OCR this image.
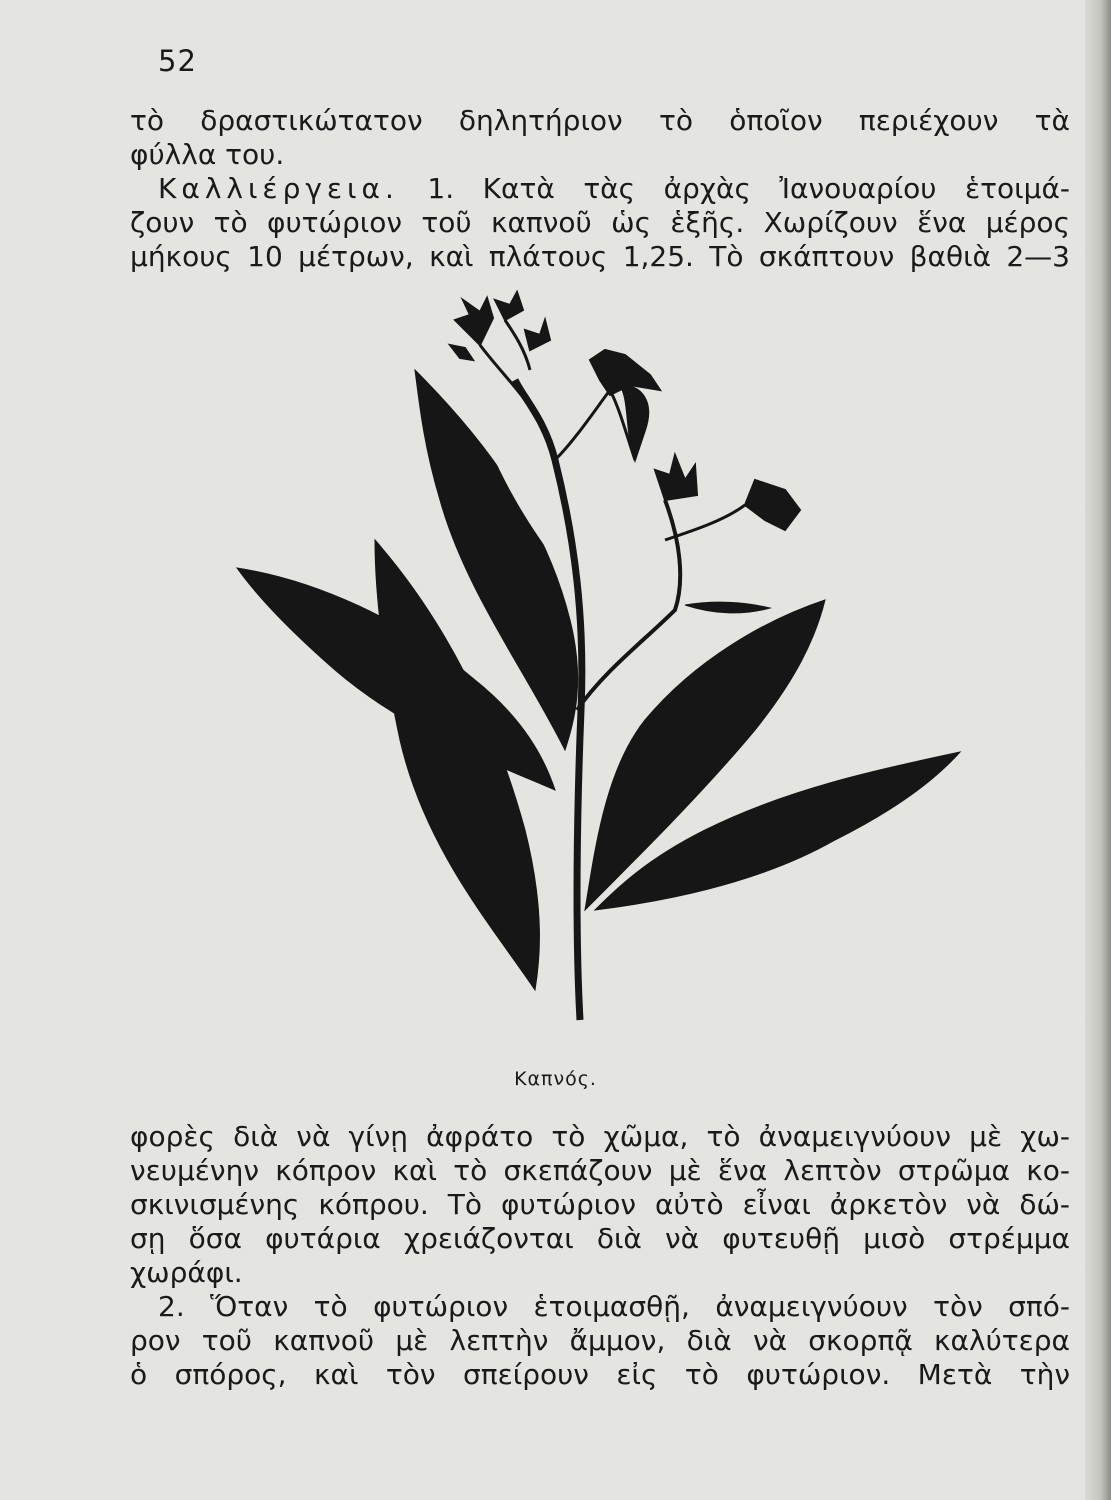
52
τὸ δραστικώτατον δηλητήριον τὸ ὁποῖον περιέχουν τὰ
φύλλα του.
Καλλιέργεια. 1. Κατὰ τὰς ἀρχὰς Ἰανουαρίου ἑτοιμά-
ζουν τὸ φυτώριον τοῦ καπνοῦ ὡς ἑξῆς. Χωρίζουν ἕνα μέρος
μήκους 10 μέτρων, καὶ πλάτους 1,25. Τὸ σκάπτουν βαθιὰ 2—3
Καπνός.
φορὲς διὰ νὰ γίνῃ ἀφράτο τὸ χῶμα, τὸ ἀναμειγνύουν μὲ χω-
νευμένην κόπρον καὶ τὸ σκεπάζουν μὲ ἕνα λεπτὸν στρῶμα κο-
σκινισμένης κόπρου. Τὸ φυτώριον αὐτὸ εἶναι ἀρκετὸν νὰ δώ-
σῃ ὅσα φυτάρια χρειάζονται διὰ νὰ φυτευθῇ μισὸ στρέμμα
χωράφι.
2. Ὅταν τὸ φυτώριον ἑτοιμασθῇ, ἀναμειγνύουν τὸν σπό-
ρον τοῦ καπνοῦ μὲ λεπτὴν ἄμμον, διὰ νὰ σκορπᾷ καλύτερα
ὁ σπόρος, καὶ τὸν σπείρουν εἰς τὸ φυτώριον. Μετὰ τὴν
